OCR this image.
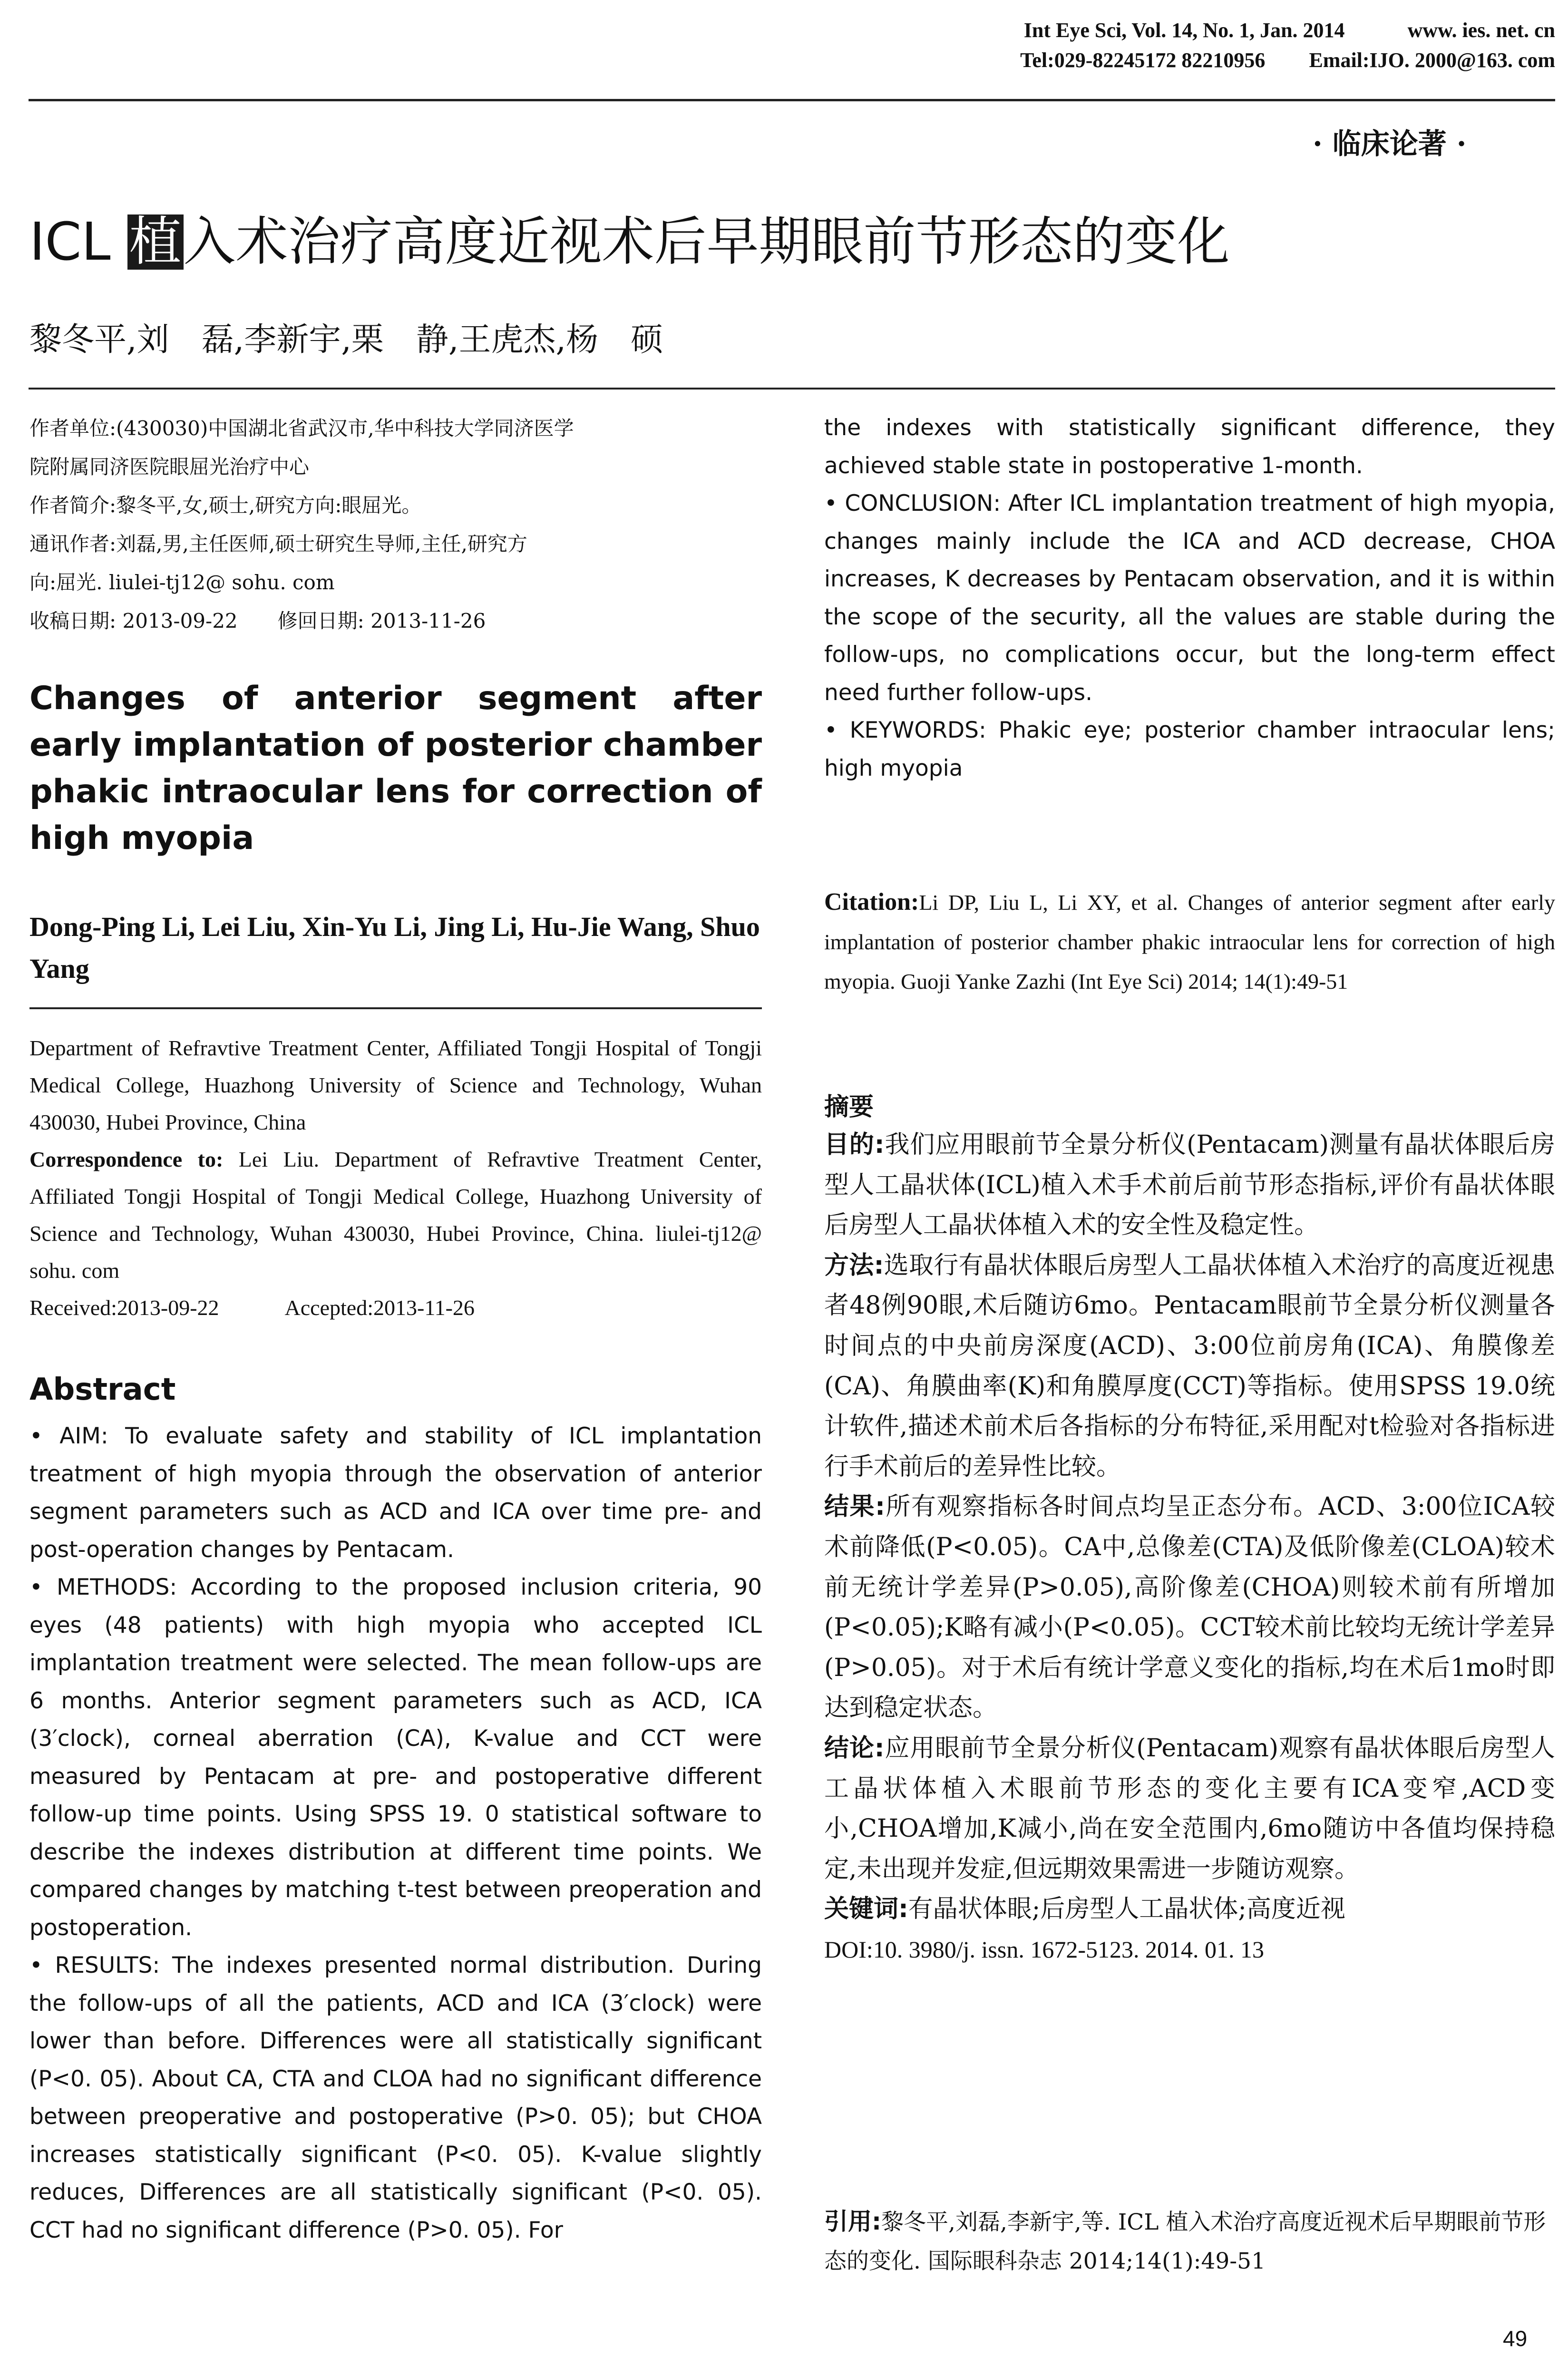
Int Eye Sci, Vol. 14, No. 1, Jan. 2014	www. ies. net. cn
Tel:029-82245172 82210956 Email:IJO. 2000@163. com
· 临床论著 ·
ICL 植入术治疗高度近视术后早期眼前节形态的变化
黎冬平,刘　磊,李新宇,栗　静,王虎杰,杨　硕
作者单位:(430030)中国湖北省武汉市,华中科技大学同济医学
院附属同济医院眼屈光治疗中心
作者简介:黎冬平,女,硕士,研究方向:眼屈光。
通讯作者:刘磊,男,主任医师,硕士研究生导师,主任,研究方
向:屈光. liulei-tj12@ sohu. com
收稿日期: 2013-09-22　　修回日期: 2013-11-26
Changes of anterior segment after early implantation of posterior chamber phakic intraocular lens for correction of high myopia
Dong-Ping Li, Lei Liu, Xin-Yu Li, Jing Li, Hu-Jie Wang, Shuo Yang
Department of Refravtive Treatment Center, Affiliated Tongji Hospital of Tongji Medical College, Huazhong University of Science and Technology, Wuhan 430030, Hubei Province, China
Correspondence to: Lei Liu. Department of Refravtive Treatment Center, Affiliated Tongji Hospital of Tongji Medical College, Huazhong University of Science and Technology, Wuhan 430030, Hubei Province, China. liulei-tj12@ sohu. com
Received:2013-09-22　　　Accepted:2013-11-26
Abstract

• AIM: To evaluate safety and stability of ICL implantation treatment of high myopia through the observation of anterior segment parameters such as ACD and ICA over time pre- and post-operation changes by Pentacam.

• METHODS: According to the proposed inclusion criteria, 90 eyes (48 patients) with high myopia who accepted ICL implantation treatment were selected. The mean follow-ups are 6 months. Anterior segment parameters such as ACD, ICA (3′clock), corneal aberration (CA), K-value and CCT were measured by Pentacam at pre- and postoperative different follow-up time points. Using SPSS 19. 0 statistical software to describe the indexes distribution at different time points. We compared changes by matching t-test between preoperation and postoperation.

• RESULTS: The indexes presented normal distribution. During the follow-ups of all the patients, ACD and ICA (3′clock) were lower than before. Differences were all statistically significant (P<0. 05). About CA, CTA and CLOA had no significant difference between preoperative and postoperative (P>0. 05); but CHOA increases statistically significant (P<0. 05). K-value slightly reduces, Differences are all statistically significant (P<0. 05). CCT had no significant difference (P>0. 05). For

the indexes with statistically significant difference, they achieved stable state in postoperative 1-month.

• CONCLUSION: After ICL implantation treatment of high myopia, changes mainly include the ICA and ACD decrease, CHOA increases, K decreases by Pentacam observation, and it is within the scope of the security, all the values are stable during the follow-ups, no complications occur, but the long-term effect need further follow-ups.

• KEYWORDS: Phakic eye; posterior chamber intraocular lens; high myopia

Citation:Li DP, Liu L, Li XY, et al. Changes of anterior segment after early implantation of posterior chamber phakic intraocular lens for correction of high myopia. Guoji Yanke Zazhi (Int Eye Sci) 2014; 14(1):49-51
摘要

目的:我们应用眼前节全景分析仪(Pentacam)测量有晶状体眼后房型人工晶状体(ICL)植入术手术前后前节形态指标,评价有晶状体眼后房型人工晶状体植入术的安全性及稳定性。

方法:选取行有晶状体眼后房型人工晶状体植入术治疗的高度近视患者48例90眼,术后随访6mo。Pentacam眼前节全景分析仪测量各时间点的中央前房深度(ACD)、3:00位前房角(ICA)、角膜像差(CA)、角膜曲率(K)和角膜厚度(CCT)等指标。使用SPSS 19.0统计软件,描述术前术后各指标的分布特征,采用配对t检验对各指标进行手术前后的差异性比较。

结果:所有观察指标各时间点均呈正态分布。ACD、3:00位ICA较术前降低(P<0.05)。CA中,总像差(CTA)及低阶像差(CLOA)较术前无统计学差异(P>0.05),高阶像差(CHOA)则较术前有所增加(P<0.05);K略有减小(P<0.05)。CCT较术前比较均无统计学差异(P>0.05)。对于术后有统计学意义变化的指标,均在术后1mo时即达到稳定状态。

结论:应用眼前节全景分析仪(Pentacam)观察有晶状体眼后房型人工晶状体植入术眼前节形态的变化主要有ICA变窄,ACD变小,CHOA增加,K减小,尚在安全范围内,6mo随访中各值均保持稳定,未出现并发症,但远期效果需进一步随访观察。

关键词:有晶状体眼;后房型人工晶状体;高度近视

DOI:10. 3980/j. issn. 1672-5123. 2014. 01. 13

引用:黎冬平,刘磊,李新宇,等. ICL 植入术治疗高度近视术后早期眼前节形态的变化. 国际眼科杂志 2014;14(1):49-51
49
